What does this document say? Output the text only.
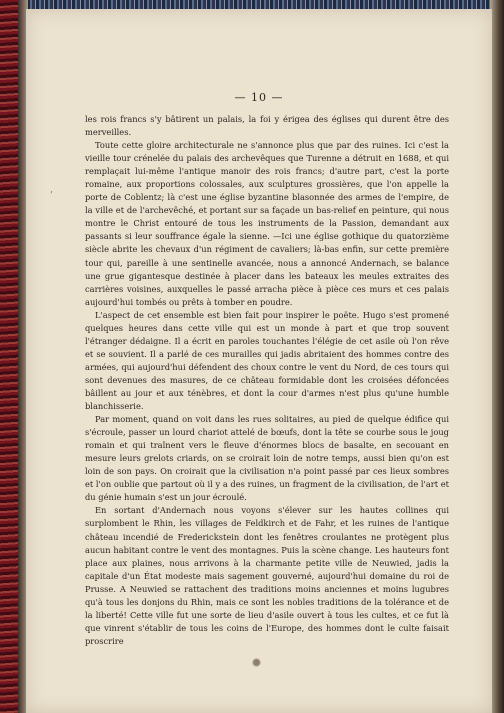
— 10 —
,

les rois francs s'y bâtirent un palais, la foi y érigea des églises qui durent être des merveilles.

Toute cette gloire architecturale ne s'annonce plus que par des ruines. Ici c'est la vieille tour crénelée du palais des archevêques que Turenne a détruit en 1688, et qui remplaçait lui-même l'antique manoir des rois francs; d'autre part, c'est la porte romaine, aux proportions colossales, aux sculptures grossières, que l'on appelle la porte de Coblentz; là c'est une église byzantine blasonnée des armes de l'empire, de la ville et de l'archevêché, et portant sur sa façade un bas-relief en peinture, qui nous montre le Christ entouré de tous les instruments de la Passion, demandant aux passants si leur souffrance égale la sienne. —Ici une église gothique du quatorzième siècle abrite les chevaux d'un régiment de cavaliers; là-bas enfin, sur cette première tour qui, pareille à une sentinelle avancée, nous a annoncé Andernach, se balance une grue gigantesque destinée à placer dans les bateaux les meules extraites des carrières voisines, auxquelles le passé arracha pièce à pièce ces murs et ces palais aujourd'hui tombés ou prêts à tomber en poudre.

L'aspect de cet ensemble est bien fait pour inspirer le poëte. Hugo s'est promené quelques heures dans cette ville qui est un monde à part et que trop souvent l'étranger dédaigne. Il a écrit en paroles touchantes l'élégie de cet asile où l'on rêve et se souvient. Il a parlé de ces murailles qui jadis abritaient des hommes contre des armées, qui aujourd'hui défendent des choux contre le vent du Nord, de ces tours qui sont devenues des masures, de ce château formidable dont les croisées défoncées bâillent au jour et aux ténèbres, et dont la cour d'armes n'est plus qu'une humble blanchisserie.

Par moment, quand on voit dans les rues solitaires, au pied de quelque édifice qui s'écroule, passer un lourd chariot attelé de bœufs, dont la tête se courbe sous le joug romain et qui traînent vers le fleuve d'énormes blocs de basalte, en secouant en mesure leurs grelots criards, on se croirait loin de notre temps, aussi bien qu'on est loin de son pays. On croirait que la civilisation n'a point passé par ces lieux sombres et l'on oublie que partout où il y a des ruines, un fragment de la civilisation, de l'art et du génie humain s'est un jour écroulé.

En sortant d'Andernach nous voyons s'élever sur les hautes collines qui surplombent le Rhin, les villages de Feldkirch et de Fahr, et les ruines de l'antique château incendié de Frederickstein dont les fenêtres croulantes ne protègent plus aucun habitant contre le vent des montagnes. Puis la scène change. Les hauteurs font place aux plaines, nous arrivons à la charmante petite ville de Neuwied, jadis la capitale d'un État modeste mais sagement gouverné, aujourd'hui domaine du roi de Prusse. A Neuwied se rattachent des traditions moins anciennes et moins lugubres qu'à tous les donjons du Rhin, mais ce sont les nobles traditions de la tolérance et de la liberté! Cette ville fut une sorte de lieu d'asile ouvert à tous les cultes, et ce fut là que vinrent s'établir de tous les coins de l'Europe, des hommes dont le culte faisait proscrire
